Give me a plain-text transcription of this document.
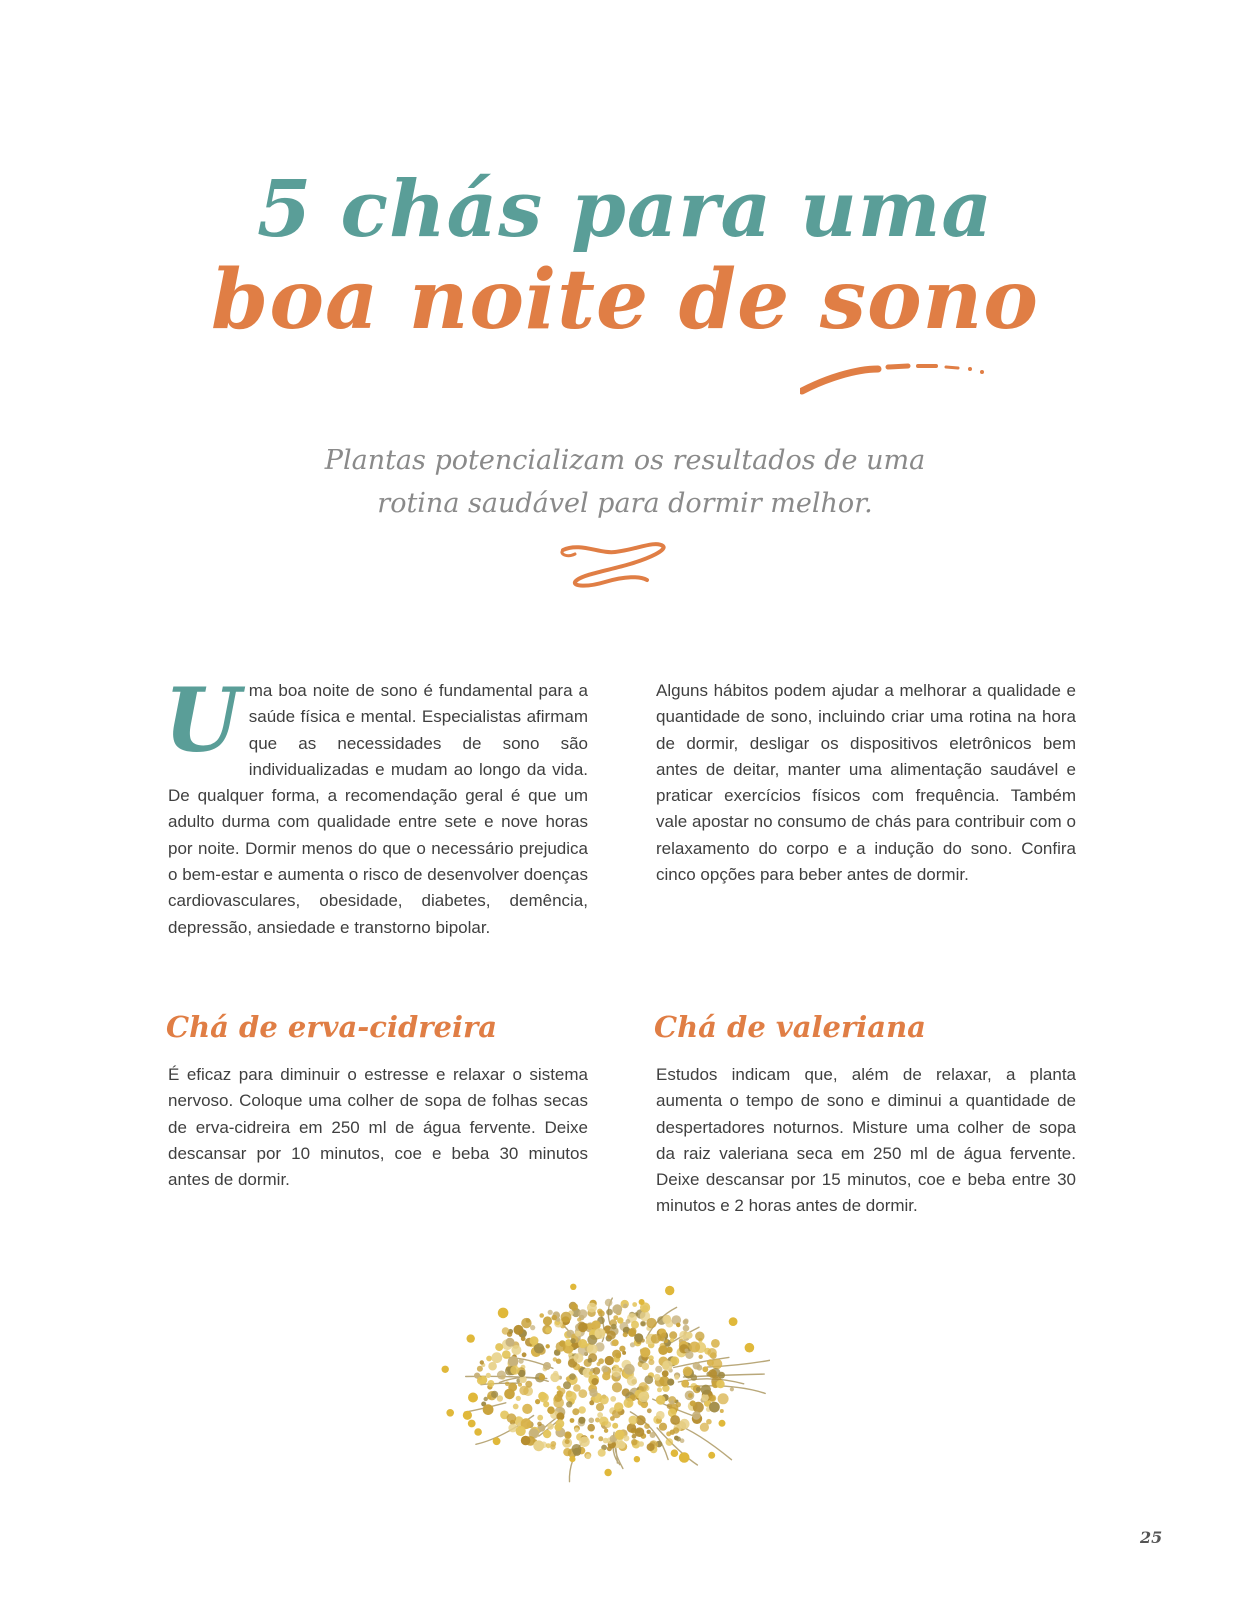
5 chás para uma
boa noite de sono
Plantas potencializam os resultados de uma
rotina saudável para dormir melhor.
U ma boa noite de sono é fundamental para a saúde física e mental. Especialistas afirmam que as necessidades de sono são individualizadas e mudam ao longo da vida. De qualquer forma, a recomendação geral é que um adulto durma com qualidade entre sete e nove horas por noite. Dormir menos do que o necessário prejudica o bem-estar e aumenta o risco de desenvolver doenças cardiovasculares, obesidade, diabetes, demência, depressão, ansiedade e transtorno bipolar.
Alguns hábitos podem ajudar a melhorar a qualidade e quantidade de sono, incluindo criar uma rotina na hora de dormir, desligar os dispositivos eletrônicos bem antes de deitar, manter uma alimentação saudável e praticar exercícios físicos com frequência. Também vale apostar no consumo de chás para contribuir com o relaxamento do corpo e a indução do sono. Confira cinco opções para beber antes de dormir.
Chá de erva-cidreira	Chá de valeriana
É eficaz para diminuir o estresse e relaxar o sistema nervoso. Coloque uma colher de sopa de folhas secas de erva-cidreira em 250 ml de água fervente. Deixe descansar por 10 minutos, coe e beba 30 minutos antes de dormir.
Estudos indicam que, além de relaxar, a planta aumenta o tempo de sono e diminui a quantidade de despertadores noturnos. Misture uma colher de sopa da raiz valeriana seca em 250 ml de água fervente. Deixe descansar por 15 minutos, coe e beba entre 30 minutos e 2 horas antes de dormir.
25
